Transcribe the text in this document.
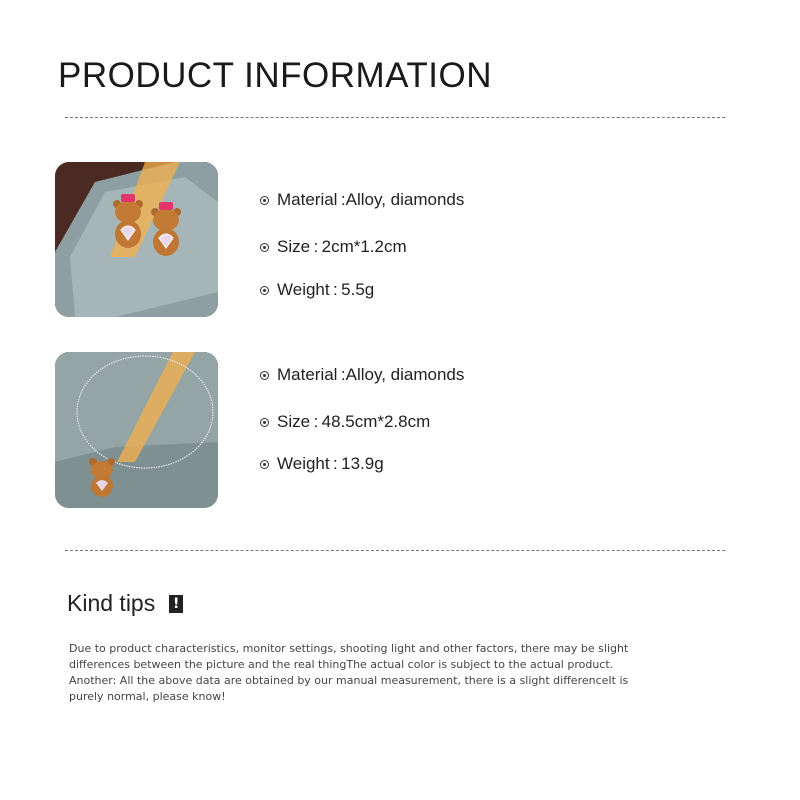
PRODUCT INFORMATION
Material  : Alloy, diamonds
Size  :  2cm*1.2cm
Weight  :  5.5g
Material  : Alloy, diamonds
Size  :  48.5cm*2.8cm
Weight  :  13.9g
Kind tips !

Due to product characteristics, monitor settings, shooting light and other factors, there may be slight differences between the picture and the real thingThe actual color is subject to the actual product. Another: All the above data are obtained by our manual measurement, there is a slight differenceIt is purely normal, please know!
